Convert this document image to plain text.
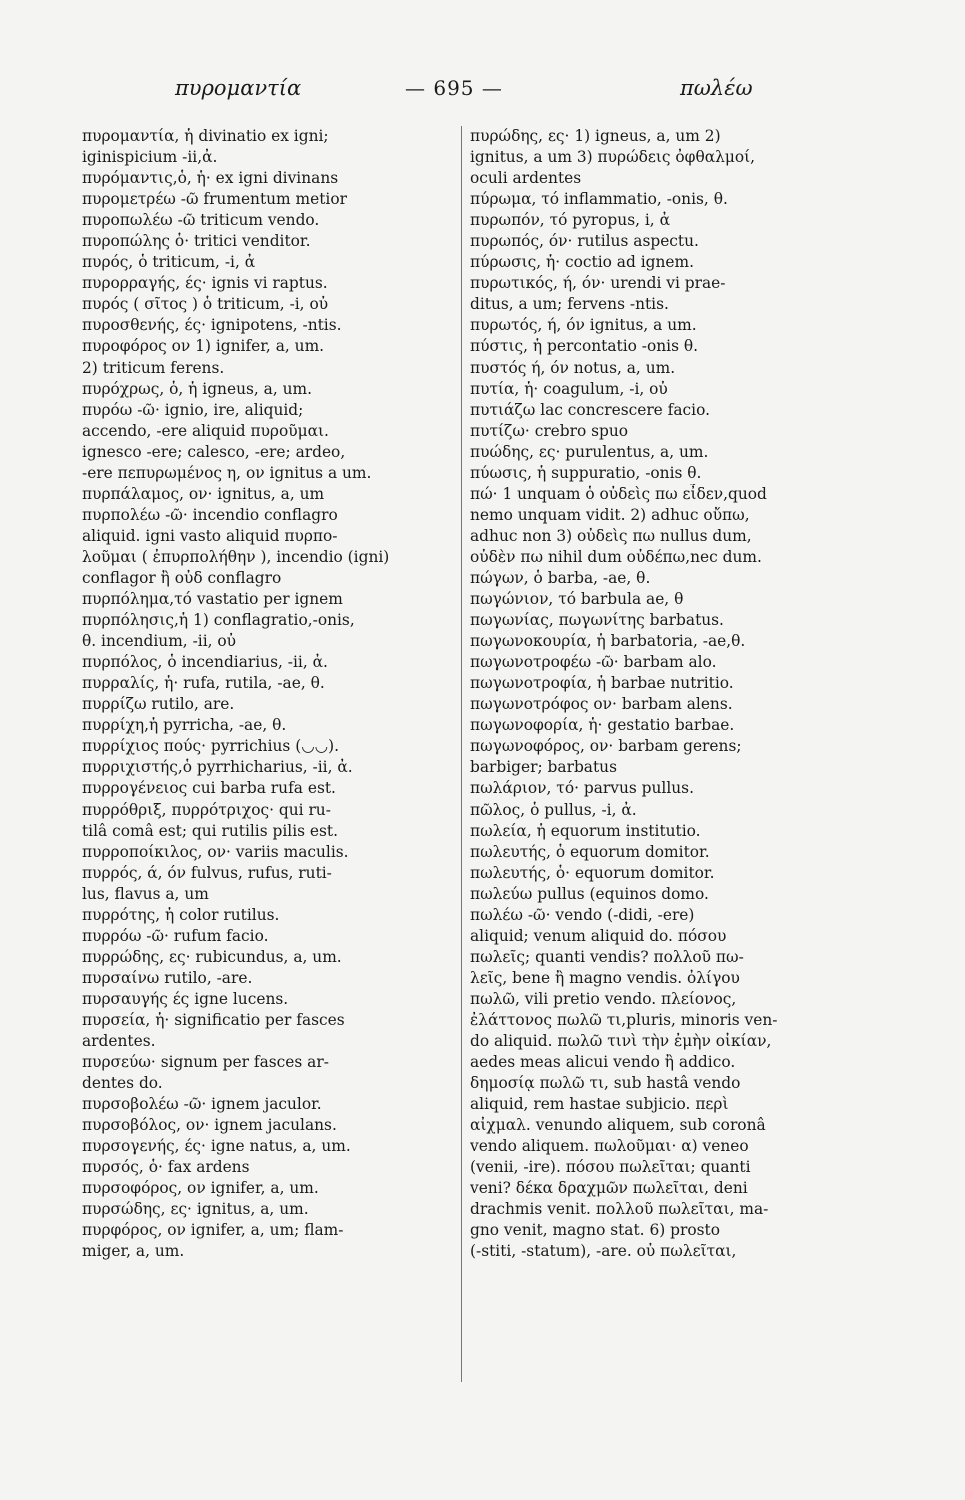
πυρομαντία	— 695 —	πωλέω
πυρομαντία, ἡ divinatio ex igni;
iginispicium -ii,ἀ.
πυρόμαντις,ὁ, ἡ· ex igni divinans
πυρομετρέω -ῶ frumentum metior
πυροπωλέω -ῶ triticum vendo.
πυροπώλης ὁ· tritici venditor.
πυρός, ὁ triticum, -i, ἀ
πυρορραγής, ές· ignis vi raptus.
πυρός ( σῖτος ) ὁ triticum, -i, οὐ
πυροσθενής, ές· ignipotens, -ntis.
πυροφόρος ον 1) ignifer, a, um.
2) triticum ferens.
πυρόχρως, ὁ, ἡ igneus, a, um.
πυρόω -ῶ· ignio, ire, aliquid;
accendo, -ere aliquid πυροῦμαι.
ignesco -ere; calesco, -ere; ardeo,
-ere πεπυρωμένος η, ον ignitus a um.
πυρπάλαμος, ον· ignitus, a, um
πυρπολέω -ῶ· incendio conflagro
aliquid. igni vasto aliquid πυρπο-
λοῦμαι ( ἐπυρπολήθην ), incendio (igni)
conflagor ἢ οὐδ conflagro
πυρπόλημα,τό vastatio per ignem
πυρπόλησις,ἡ 1) conflagratio,-onis,
θ. incendium, -ii, οὐ
πυρπόλος, ὁ incendiarius, -ii, ἀ.
πυρραλίς, ἡ· rufa, rutila, -ae, θ.
πυρρίζω rutilo, are.
πυρρίχη,ἡ pyrricha, -ae, θ.
πυρρίχιος πούς· pyrrichius (◡◡).
πυρριχιστής,ὁ pyrrhicharius, -ii, ἀ.
πυρρογένειος cui barba rufa est.
πυρρόθριξ, πυρρότριχος· qui ru-
tilâ comâ est; qui rutilis pilis est.
πυρροποίκιλος, ον· variis maculis.
πυρρός, ά, όν fulvus, rufus, ruti-
lus, flavus a, um
πυρρότης, ἡ color rutilus.
πυρρόω -ῶ· rufum facio.
πυρρώδης, ες· rubicundus, a, um.
πυρσαίνω rutilo, -are.
πυρσαυγής ές igne lucens.
πυρσεία, ἡ· significatio per fasces
ardentes.
πυρσεύω· signum per fasces ar-
dentes do.
πυρσοβολέω -ῶ· ignem jaculor.
πυρσοβόλος, ον· ignem jaculans.
πυρσογενής, ές· igne natus, a, um.
πυρσός, ὁ· fax ardens
πυρσοφόρος, ον ignifer, a, um.
πυρσώδης, ες· ignitus, a, um.
πυρφόρος, ον ignifer, a, um; flam-
miger, a, um.
πυρώδης, ες· 1) igneus, a, um 2)
ignitus, a um 3) πυρώδεις ὀφθαλμοί,
oculi ardentes
πύρωμα, τό inflammatio, -onis, θ.
πυρωπόν, τό pyropus, i, ἀ
πυρωπός, όν· rutilus aspectu.
πύρωσις, ἡ· coctio ad ignem.
πυρωτικός, ή, όν· urendi vi prae-
ditus, a um; fervens -ntis.
πυρωτός, ή, όν ignitus, a um.
πύστις, ἡ percontatio -onis θ.
πυστός ή, όν notus, a, um.
πυτία, ἡ· coagulum, -i, οὐ
πυτιάζω lac concrescere facio.
πυτίζω· crebro spuo
πυώδης, ες· purulentus, a, um.
πύωσις, ἡ suppuratio, -onis θ.
πώ· 1 unquam ὁ οὐδεὶς πω εἶδεν,quod
nemo unquam vidit. 2) adhuc οὔπω,
adhuc non 3) οὐδεὶς πω nullus dum,
οὐδὲν πω nihil dum οὐδέπω,nec dum.
πώγων, ὁ barba, -ae, θ.
πωγώνιον, τό barbula ae, θ
πωγωνίας, πωγωνίτης barbatus.
πωγωνοκουρία, ἡ barbatoria, -ae,θ.
πωγωνοτροφέω -ῶ· barbam alo.
πωγωνοτροφία, ἡ barbae nutritio.
πωγωνοτρόφος ον· barbam alens.
πωγωνοφορία, ἡ· gestatio barbae.
πωγωνοφόρος, ον· barbam gerens;
barbiger; barbatus
πωλάριον, τό· parvus pullus.
πῶλος, ὁ pullus, -i, ἀ.
πωλεία, ἡ equorum institutio.
πωλευτής, ὁ equorum domitor.
πωλευτής, ὁ· equorum domitor.
πωλεύω pullus (equinos domo.
πωλέω -ῶ· vendo (-didi, -ere)
aliquid; venum aliquid do. πόσου
πωλεῖς; quanti vendis? πολλοῦ πω-
λεῖς, bene ἢ magno vendis. ὀλίγου
πωλῶ, vili pretio vendo. πλείονος,
ἐλάττονος πωλῶ τι,pluris, minoris ven-
do aliquid. πωλῶ τινὶ τὴν ἐμὴν οἰκίαν,
aedes meas alicui vendo ἢ addico.
δημοσίᾳ πωλῶ τι, sub hastâ vendo
aliquid, rem hastae subjicio. περὶ
αἰχμαλ. venundo aliquem, sub coronâ
vendo aliquem. πωλοῦμαι· α) veneo
(venii, -ire). πόσου πωλεῖται; quanti
veni? δέκα δραχμῶν πωλεῖται, deni
drachmis venit. πολλοῦ πωλεῖται, ma-
gno venit, magno stat. 6) prosto
(-stiti, -statum), -are. οὐ πωλεῖται,
